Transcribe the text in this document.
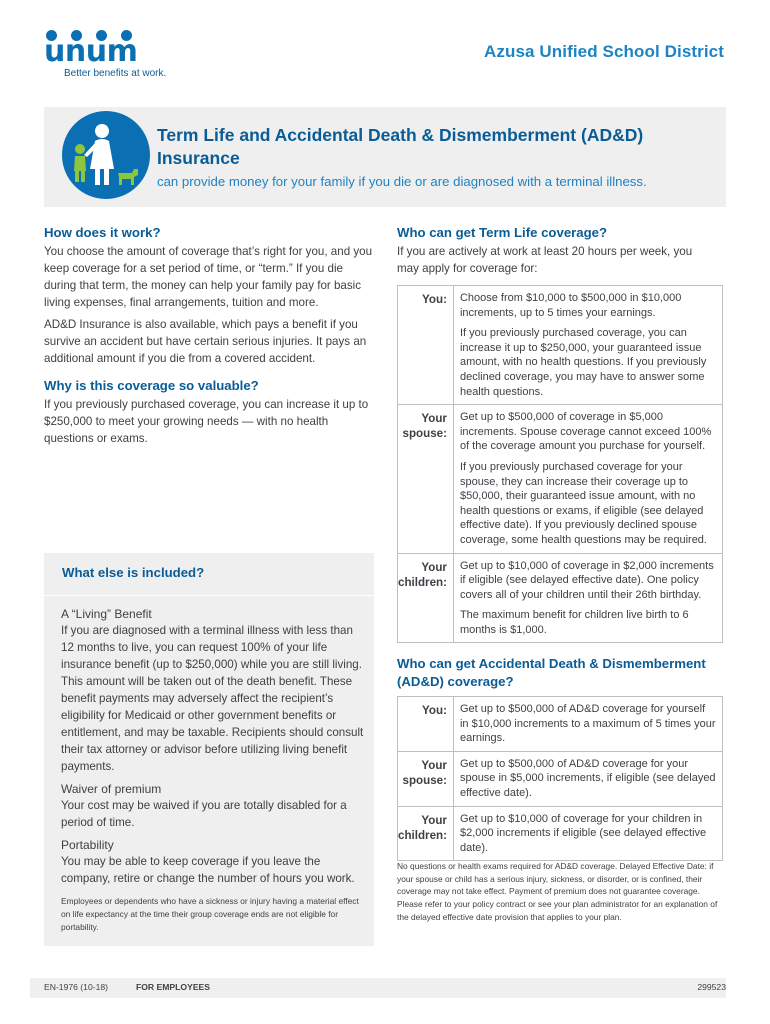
unum
Better benefits at work.
Azusa Unified School District
Term Life and Accidental Death & Dismemberment (AD&D) Insurance
can provide money for your family if you die or are diagnosed with a terminal illness.
How does it work?
You choose the amount of coverage that’s right for you, and you keep coverage for a set period of time, or “term.” If you die during that term, the money can help your family pay for basic living expenses, final arrangements, tuition and more.
AD&D Insurance is also available, which pays a benefit if you survive an accident but have certain serious injuries. It pays an additional amount if you die from a covered accident.
Why is this coverage so valuable?
If you previously purchased coverage, you can increase it up to $250,000 to meet your growing needs — with no health questions or exams.
What else is included?
A “Living” Benefit
If you are diagnosed with a terminal illness with less than 12 months to live, you can request 100% of your life insurance benefit (up to $250,000) while you are still living. This amount will be taken out of the death benefit. These benefit payments may adversely affect the recipient’s eligibility for Medicaid or other government benefits or entitlement, and may be taxable. Recipients should consult their tax attorney or advisor before utilizing living benefit payments.
Waiver of premium
Your cost may be waived if you are totally disabled for a period of time.
Portability
You may be able to keep coverage if you leave the company, retire or change the number of hours you work.
Employees or dependents who have a sickness or injury having a material effect on life expectancy at the time their group coverage ends are not eligible for portability.
Who can get Term Life coverage?
If you are actively at work at least 20 hours per week, you may apply for coverage for:
You:	Choose from $10,000 to $500,000 in $10,000 increments, up to 5 times your earnings.
If you previously purchased coverage, you can increase it up to $250,000, your guaranteed issue amount, with no health questions. If you previously declined coverage, you may have to answer some health questions.

Your spouse:	Get up to $500,000 of coverage in $5,000 increments. Spouse coverage cannot exceed 100% of the coverage amount you purchase for yourself.
If you previously purchased coverage for your spouse, they can increase their coverage up to $50,000, their guaranteed issue amount, with no health questions or exams, if eligible (see delayed effective date). If you previously declined spouse coverage, some health questions may be required.

Your children:	Get up to $10,000 of coverage in $2,000 increments if eligible (see delayed effective date). One policy covers all of your children until their 26th birthday.
The maximum benefit for children live birth to 6 months is $1,000.
Who can get Accidental Death & Dismemberment (AD&D) coverage?
You:	Get up to $500,000 of AD&D coverage for yourself in $10,000 increments to a maximum of 5 times your earnings.
Your spouse:	Get up to $500,000 of AD&D coverage for your spouse in $5,000 increments, if eligible (see delayed effective date).
Your children:	Get up to $10,000 of coverage for your children in $2,000 increments if eligible (see delayed effective date).
No questions or health exams required for AD&D coverage. Delayed Effective Date: if your spouse or child has a serious injury, sickness, or disorder, or is confined, their coverage may not take effect. Payment of premium does not guarantee coverage. Please refer to your policy contract or see your plan administrator for an explanation of the delayed effective date provision that applies to your plan.
EN-1976 (10-18)	FOR EMPLOYEES	299523
